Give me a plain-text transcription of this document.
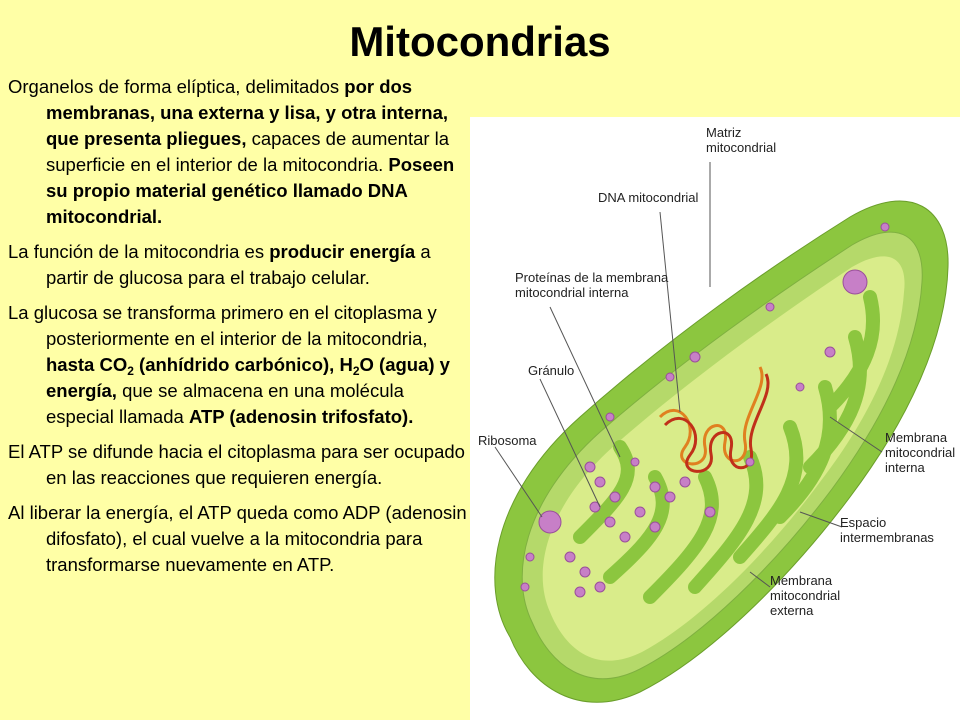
Mitocondrias

Organelos de forma elíptica, delimitados por dos membranas, una externa y lisa, y otra interna, que presenta pliegues, capaces de aumentar la superficie en el interior de la mitocondria. Poseen su propio material genético llamado DNA mitocondrial.

La función de la mitocondria es producir energía a partir de glucosa para el trabajo celular.

La glucosa se transforma primero en el citoplasma y posteriormente en el interior de la mitocondria, hasta $CO_2$ (anhídrido carbónico), $H_2O$ (agua) y energía, que se almacena en una molécula especial llamada ATP (adenosin trifosfato).

El ATP se difunde hacia el citoplasma para ser ocupado en las reacciones que requieren energía.

Al liberar la energía, el ATP queda como ADP (adenosin difosfato), el cual vuelve a la mitocondria para transformarse nuevamente en ATP.

Matriz mitocondrial
DNA mitocondrial
Proteínas de la membrana mitocondrial interna
Gránulo
Ribosoma	Membrana mitocondrial interna
Espacio intermembranas
Membrana mitocondrial externa
